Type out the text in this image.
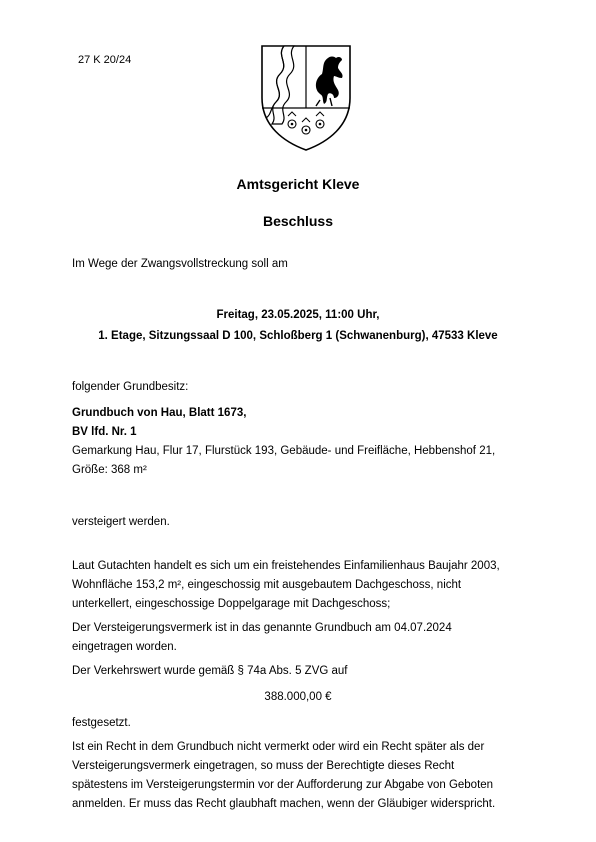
27 K 20/24
Amtsgericht Kleve
Beschluss
Im Wege der Zwangsvollstreckung soll am
Freitag, 23.05.2025, 11:00 Uhr,
1. Etage, Sitzungssaal D 100, Schloßberg 1 (Schwanenburg), 47533 Kleve
folgender Grundbesitz:
Grundbuch von Hau, Blatt 1673,
BV lfd. Nr. 1
Gemarkung Hau, Flur 17, Flurstück 193, Gebäude- und Freifläche, Hebbenshof 21,
Größe: 368 m²
versteigert werden.
Laut Gutachten handelt es sich um ein freistehendes Einfamilienhaus Baujahr 2003,
Wohnfläche 153,2 m², eingeschossig mit ausgebautem Dachgeschoss, nicht
unterkellert, eingeschossige Doppelgarage mit Dachgeschoss;
Der Versteigerungsvermerk ist in das genannte Grundbuch am 04.07.2024
eingetragen worden.
Der Verkehrswert wurde gemäß § 74a Abs. 5 ZVG auf
388.000,00 €
festgesetzt.
Ist ein Recht in dem Grundbuch nicht vermerkt oder wird ein Recht später als der
Versteigerungsvermerk eingetragen, so muss der Berechtigte dieses Recht
spätestens im Versteigerungstermin vor der Aufforderung zur Abgabe von Geboten
anmelden. Er muss das Recht glaubhaft machen, wenn der Gläubiger widerspricht.
